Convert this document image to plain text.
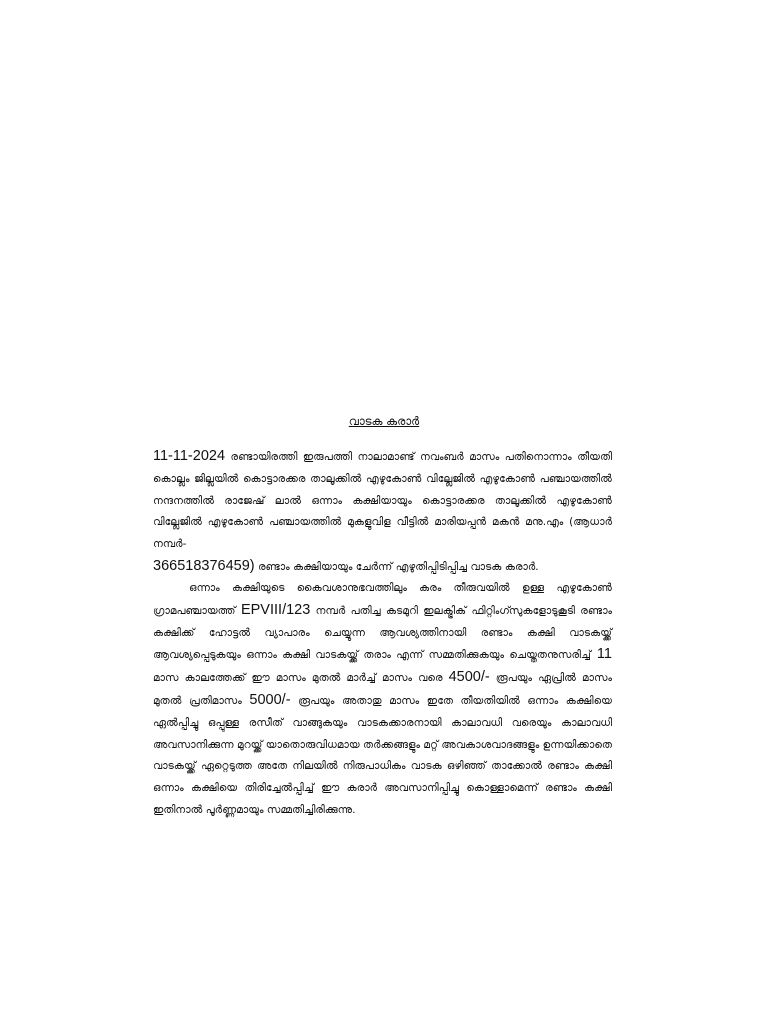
വാടക കരാർ

11-11-2024 രണ്ടായിരത്തി ഇരുപത്തി നാലാമാണ്ട് നവംബർ മാസം പതിനൊന്നാം തീയതി കൊല്ലം ജില്ലയിൽ കൊട്ടാരക്കര താലൂക്കിൽ എഴുകോൺ വില്ലേജിൽ എഴുകോൺ പഞ്ചായത്തിൽ നന്ദനത്തിൽ രാജേഷ് ലാൽ ഒന്നാം കക്ഷിയായും കൊട്ടാരക്കര താലൂക്കിൽ എഴുകോൺ വില്ലേജിൽ എഴുകോൺ പഞ്ചായത്തിൽ മുകളുവിള വീട്ടിൽ മാരിയപ്പൻ മകൻ മനു.എം (ആധാർ നമ്പർ-
366518376459) രണ്ടാം കക്ഷിയായും ചേർന്ന് എഴുതിപ്പിടിപ്പിച്ച വാടക കരാർ.

ഒന്നാം കക്ഷിയുടെ കൈവശാനുഭവത്തിലും കരം തീരുവയിൽ ഉള്ള എഴുകോൺ ഗ്രാമപഞ്ചായത്ത് EPVIII/123 നമ്പർ പതിച്ച കടമുറി ഇലക്ട്രിക് ഫിറ്റിംഗ്സുകളോടുകൂടി രണ്ടാം കക്ഷിക്ക് ഹോട്ടൽ വ്യാപാരം ചെയ്യുന്ന ആവശ്യത്തിനായി രണ്ടാം കക്ഷി വാടകയ്ക്ക് ആവശ്യപ്പെടുകയും ഒന്നാം കക്ഷി വാടകയ്ക്ക് തരാം എന്ന് സമ്മതിക്കുകയും ചെയ്തതനുസരിച്ച് 11 മാസ കാലത്തേക്ക് ഈ മാസം മുതൽ മാർച്ച് മാസം വരെ 4500/- രൂപയും ഏപ്രിൽ മാസം മുതൽ പ്രതിമാസം 5000/- രൂപയും അതാതു മാസം ഇതേ തീയതിയിൽ ഒന്നാം കക്ഷിയെ ഏൽപ്പിച്ചു ഒപ്പുള്ള രസീത് വാങ്ങുകയും വാടകക്കാരനായി കാലാവധി വരെയും കാലാവധി അവസാനിക്കുന്ന മുറയ്ക്ക് യാതൊരുവിധമായ തർക്കങ്ങളും മറ്റ് അവകാശവാദങ്ങളും ഉന്നയിക്കാതെ വാടകയ്ക്ക് ഏറ്റെടുത്ത അതേ നിലയിൽ നിരുപാധികം വാടക ഒഴിഞ്ഞ് താക്കോൽ രണ്ടാം കക്ഷി ഒന്നാം കക്ഷിയെ തിരിച്ചേൽപ്പിച്ച് ഈ കരാർ അവസാനിപ്പിച്ചു കൊള്ളാമെന്ന് രണ്ടാം കക്ഷി ഇതിനാൽ പൂർണ്ണമായും സമ്മതിച്ചിരിക്കുന്നു.
